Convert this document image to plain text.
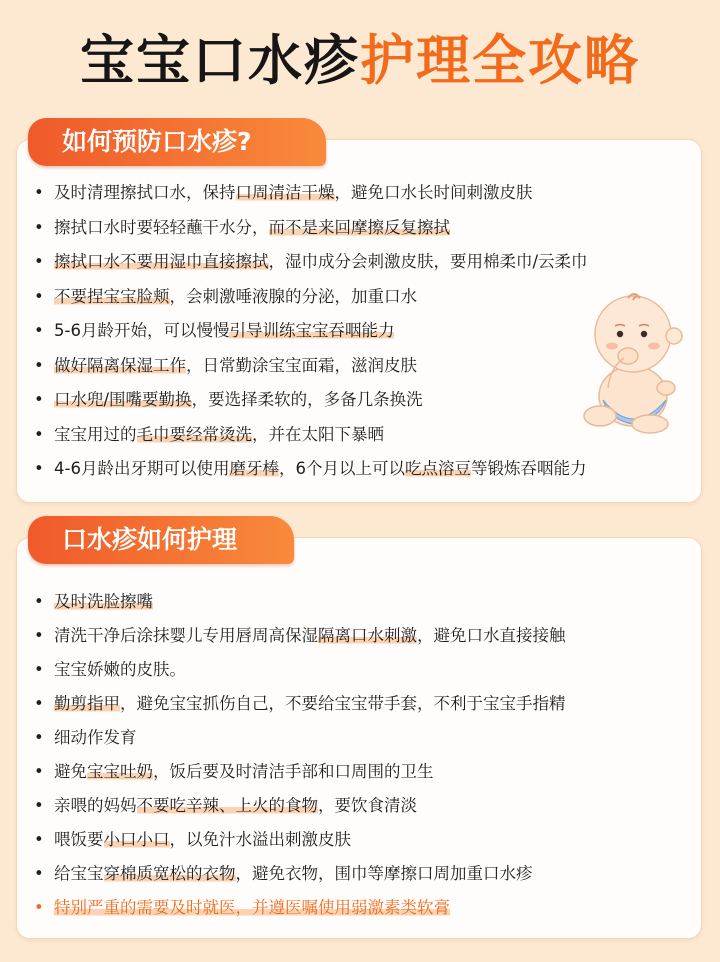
宝宝口水疹护理全攻略
如何预防口水疹?
• 及时清理擦拭口水，保持口周清洁干燥，避免口水长时间刺激皮肤
• 擦拭口水时要轻轻蘸干水分，而不是来回摩擦反复擦拭
• 擦拭口水不要用湿巾直接擦拭，湿巾成分会刺激皮肤，要用棉柔巾/云柔巾
• 不要捏宝宝脸颊，会刺激唾液腺的分泌，加重口水
• 5-6月龄开始，可以慢慢引导训练宝宝吞咽能力
• 做好隔离保湿工作，日常勤涂宝宝面霜，滋润皮肤
• 口水兜/围嘴要勤换，要选择柔软的，多备几条换洗
• 宝宝用过的毛巾要经常烫洗，并在太阳下暴晒
• 4-6月龄出牙期可以使用磨牙棒，6个月以上可以吃点溶豆等锻炼吞咽能力
口水疹如何护理
• 及时洗脸擦嘴
• 清洗干净后涂抹婴儿专用唇周高保湿隔离口水刺激，避免口水直接接触
• 宝宝娇嫩的皮肤。
• 勤剪指甲，避免宝宝抓伤自己，不要给宝宝带手套，不利于宝宝手指精
• 细动作发育
• 避免宝宝吐奶，饭后要及时清洁手部和口周围的卫生
• 亲喂的妈妈不要吃辛辣、上火的食物，要饮食清淡
• 喂饭要小口小口，以免汁水溢出刺激皮肤
• 给宝宝穿棉质宽松的衣物，避免衣物，围巾等摩擦口周加重口水疹
• 特别严重的需要及时就医，并遵医嘱使用弱激素类软膏
